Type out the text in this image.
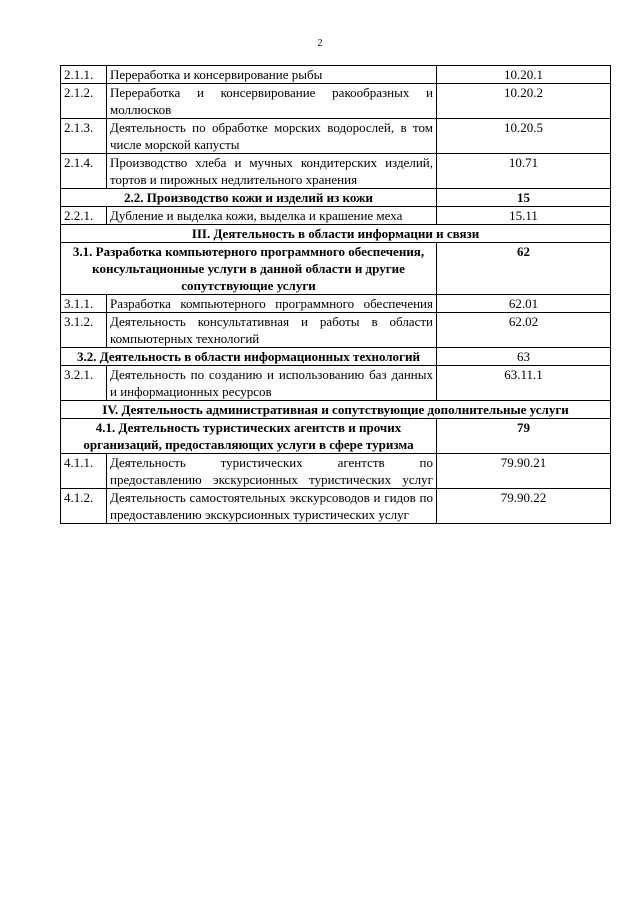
2
2.1.1.	Переработка и консервирование рыбы	10.20.1
2.1.2.	Переработка и консервирование ракообразных и моллюсков	10.20.2
2.1.3.	Деятельность по обработке морских водорослей, в том числе морской капусты	10.20.5
2.1.4.	Производство хлеба и мучных кондитерских изделий, тортов и пирожных недлительного хранения	10.71
2.2. Производство кожи и изделий из кожи		15
2.2.1.	Дубление и выделка кожи, выделка и крашение меха	15.11
III. Деятельность в области информации и связи		
3.1. Разработка компьютерного программного обеспечения, консультационные услуги в данной области и другие сопутствующие услуги		62
3.1.1.	Разработка компьютерного программного обеспечения	62.01
3.1.2.	Деятельность консультативная и работы в области компьютерных технологий	62.02
3.2. Деятельность в области информационных технологий		63
3.2.1.	Деятельность по созданию и использованию баз данных и информационных ресурсов	63.11.1
IV. Деятельность административная и сопутствующие дополнительные услуги		
4.1. Деятельность туристических агентств и прочих организаций, предоставляющих услуги в сфере туризма		79
4.1.1.	Деятельность туристических агентств по предоставлению экскурсионных туристических услуг	79.90.21
4.1.2.	Деятельность самостоятельных экскурсоводов и гидов по предоставлению экскурсионных туристических услуг	79.90.22
